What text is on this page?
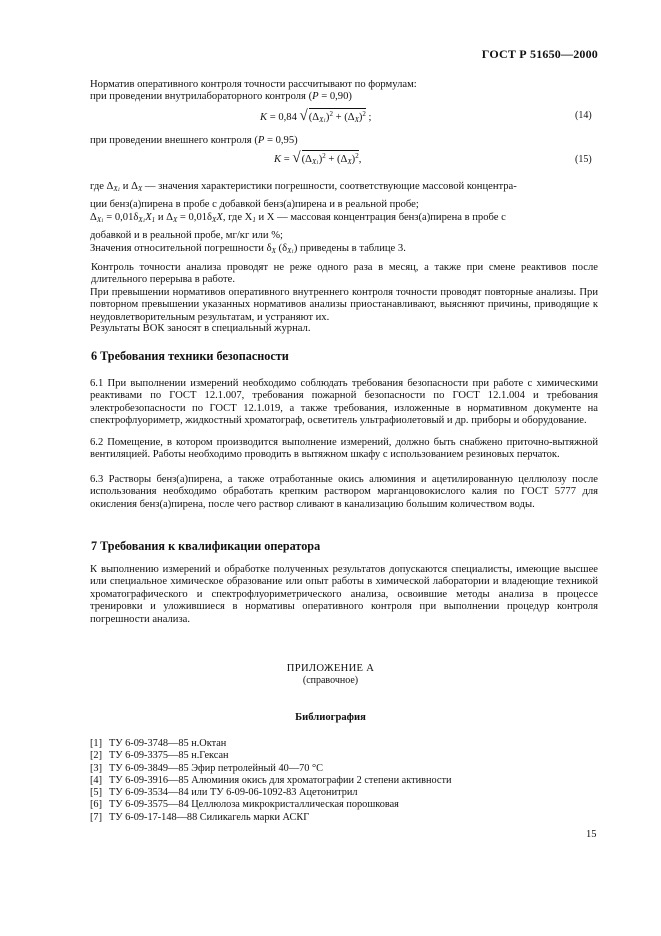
ГОСТ Р 51650—2000
Норматив оперативного контроля точности рассчитывают по формулам:
при проведении внутрилабораторного контроля (P = 0,90)
K = 0,84 $√(\Delta_{X1})^2 + (\Delta_X)^2$ ;	(14)
при проведении внешнего контроля (P = 0,95)
$K = √(\Delta_{X1})^2 + (\Delta_X)^2$,	(15)
где $\Delta_{X1}$ и $\Delta_X$ — значения характеристики погрешности, соответствующие массовой концентра-
ции бенз(а)пирена в пробе с добавкой бенз(а)пирена и в реальной пробе;
$\Delta_{X1} = 0,01\delta_{X1}X_1$ и $\Delta_X = 0,01\delta_XX$, где $X_1$ и X — массовая концентрация бенз(а)пирена в пробе с
добавкой и в реальной пробе, мг/кг или %;
Значения относительной погрешности $\delta_X$ $(\delta_{X1})$ приведены в таблице 3.
Контроль точности анализа проводят не реже одного раза в месяц, а также при смене реактивов после длительного перерыва в работе.
При превышении нормативов оперативного внутреннего контроля точности проводят повторные анализы. При повторном превышении указанных нормативов анализы приостанавливают, выясняют причины, приводящие к неудовлетворительным результатам, и устраняют их.
Результаты ВОК заносят в специальный журнал.
6 Требования техники безопасности
6.1 При выполнении измерений необходимо соблюдать требования безопасности при работе с химическими реактивами по ГОСТ 12.1.007, требования пожарной безопасности по ГОСТ 12.1.004 и требования электробезопасности по ГОСТ 12.1.019, а также требования, изложенные в нормативном документе на спектрофлуориметр, жидкостный хроматограф, осветитель ультрафиолетовый и др. приборы и оборудование.
6.2 Помещение, в котором производится выполнение измерений, должно быть снабжено приточно-вытяжной вентиляцией. Работы необходимо проводить в вытяжном шкафу с использованием резиновых перчаток.
6.3 Растворы бенз(а)пирена, а также отработанные окись алюминия и ацетилированную целлюлозу после использования необходимо обработать крепким раствором марганцовокислого калия по ГОСТ 5777 для окисления бенз(а)пирена, после чего раствор сливают в канализацию большим количеством воды.
7 Требования к квалификации оператора
К выполнению измерений и обработке полученных результатов допускаются специалисты, имеющие высшее или специальное химическое образование или опыт работы в химической лаборатории и владеющие техникой хроматографического и спектрофлуориметрического анализа, освоившие методы анализа в процессе тренировки и уложившиеся в нормативы оперативного контроля при выполнении процедур контроля погрешности анализа.
ПРИЛОЖЕНИЕ А
(справочное)
Библиография
[1] ТУ 6-09-3748—85 н.Октан
[2] ТУ 6-09-3375—85 н.Гексан
[3] ТУ 6-09-3849—85 Эфир петролейный 40—70 °С
[4] ТУ 6-09-3916—85 Алюминия окись для хроматографии 2 степени активности
[5] ТУ 6-09-3534—84 или ТУ 6-09-06-1092-83 Ацетонитрил
[6] ТУ 6-09-3575—84 Целлюлоза микрокристаллическая порошковая
[7] ТУ 6-09-17-148—88 Силикагель марки АСКГ
15
